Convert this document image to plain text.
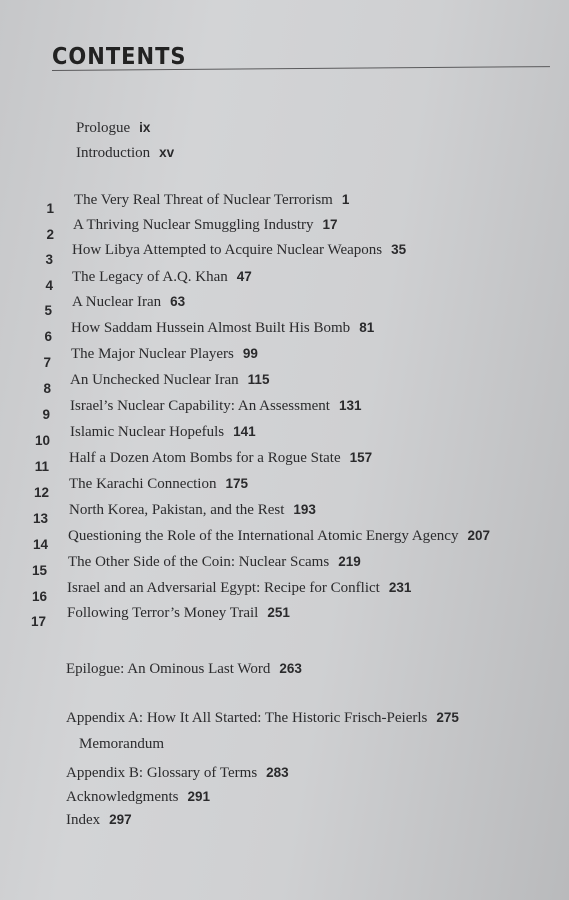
CONTENTS
Prologue ix
Introduction xv
1
The Very Real Threat of Nuclear Terrorism 1
2
A Thriving Nuclear Smuggling Industry 17
3
How Libya Attempted to Acquire Nuclear Weapons 35
4
The Legacy of A.Q. Khan 47
5
A Nuclear Iran 63
6
How Saddam Hussein Almost Built His Bomb 81
7
The Major Nuclear Players 99
8
An Unchecked Nuclear Iran 115
9
Israel’s Nuclear Capability: An Assessment 131
10
Islamic Nuclear Hopefuls 141
11
Half a Dozen Atom Bombs for a Rogue State 157
12
The Karachi Connection 175
13
North Korea, Pakistan, and the Rest 193
14
Questioning the Role of the International Atomic Energy Agency 207
15
The Other Side of the Coin: Nuclear Scams 219
16
Israel and an Adversarial Egypt: Recipe for Conflict 231
17
Following Terror’s Money Trail 251
Epilogue: An Ominous Last Word 263
Appendix A: How It All Started: The Historic Frisch-Peierls 275
Memorandum
Appendix B: Glossary of Terms 283
Acknowledgments 291
Index 297
